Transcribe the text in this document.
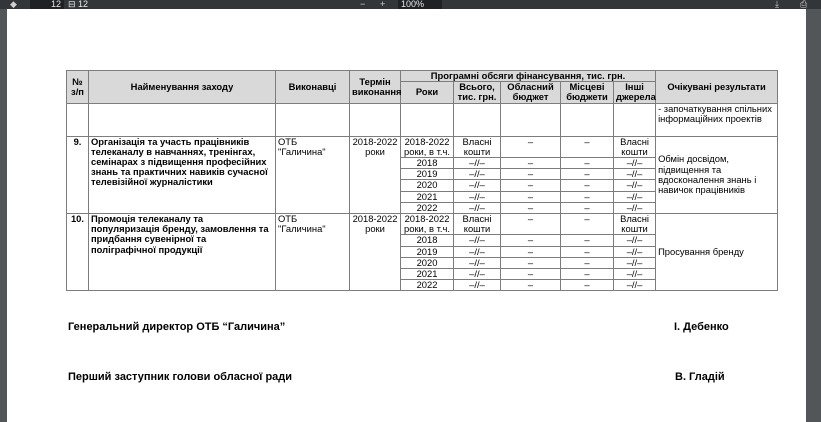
◆	12 ⊟ 12	− +	100%	⤓ ⎙
№ з/п	Найменування заходу	Виконавці	Термін виконання	Програмні обсяги фінансування, тис. грн.					Очікувані результати
				Роки	Всього, тис. грн.	Обласний бюджет	Місцеві бюджети	Інші джерела	
									- започаткування спільних інформаційних проектів
9.	Організація та участь працівників телеканалу в навчаннях, тренінгах, семінарах з підвищення професійних знань та практичних навиків сучасної телевізійної журналістики	ОТБ "Галичина"	2018-2022 роки	2018-2022 роки, в т.ч.	Власні кошти	–	–	Власні кошти	Обмін досвідом, підвищення та вдосконалення знань і навичок працівників
				2018	–//–	–	–	–//–	
				2019	–//–	–	–	–//–	
				2020	–//–	–	–	–//–	
				2021	–//–	–	–	–//–	
				2022	–//–	–	–	–//–	
10.	Промоція телеканалу та популяризація бренду, замовлення та придбання сувенірної та поліграфічної продукції	ОТБ "Галичина"	2018-2022 роки	2018-2022 роки, в т.ч.	Власні кошти	–	–	Власні кошти	Просування бренду
				2018	–//–	–	–	–//–	
				2019	–//–	–	–	–//–	
				2020	–//–	–	–	–//–	
				2021	–//–	–	–	–//–	
				2022	–//–	–	–	–//–	
Генеральний директор ОТБ “Галичина”	І. Дебенко
Перший заступник голови обласної ради	В. Гладій
